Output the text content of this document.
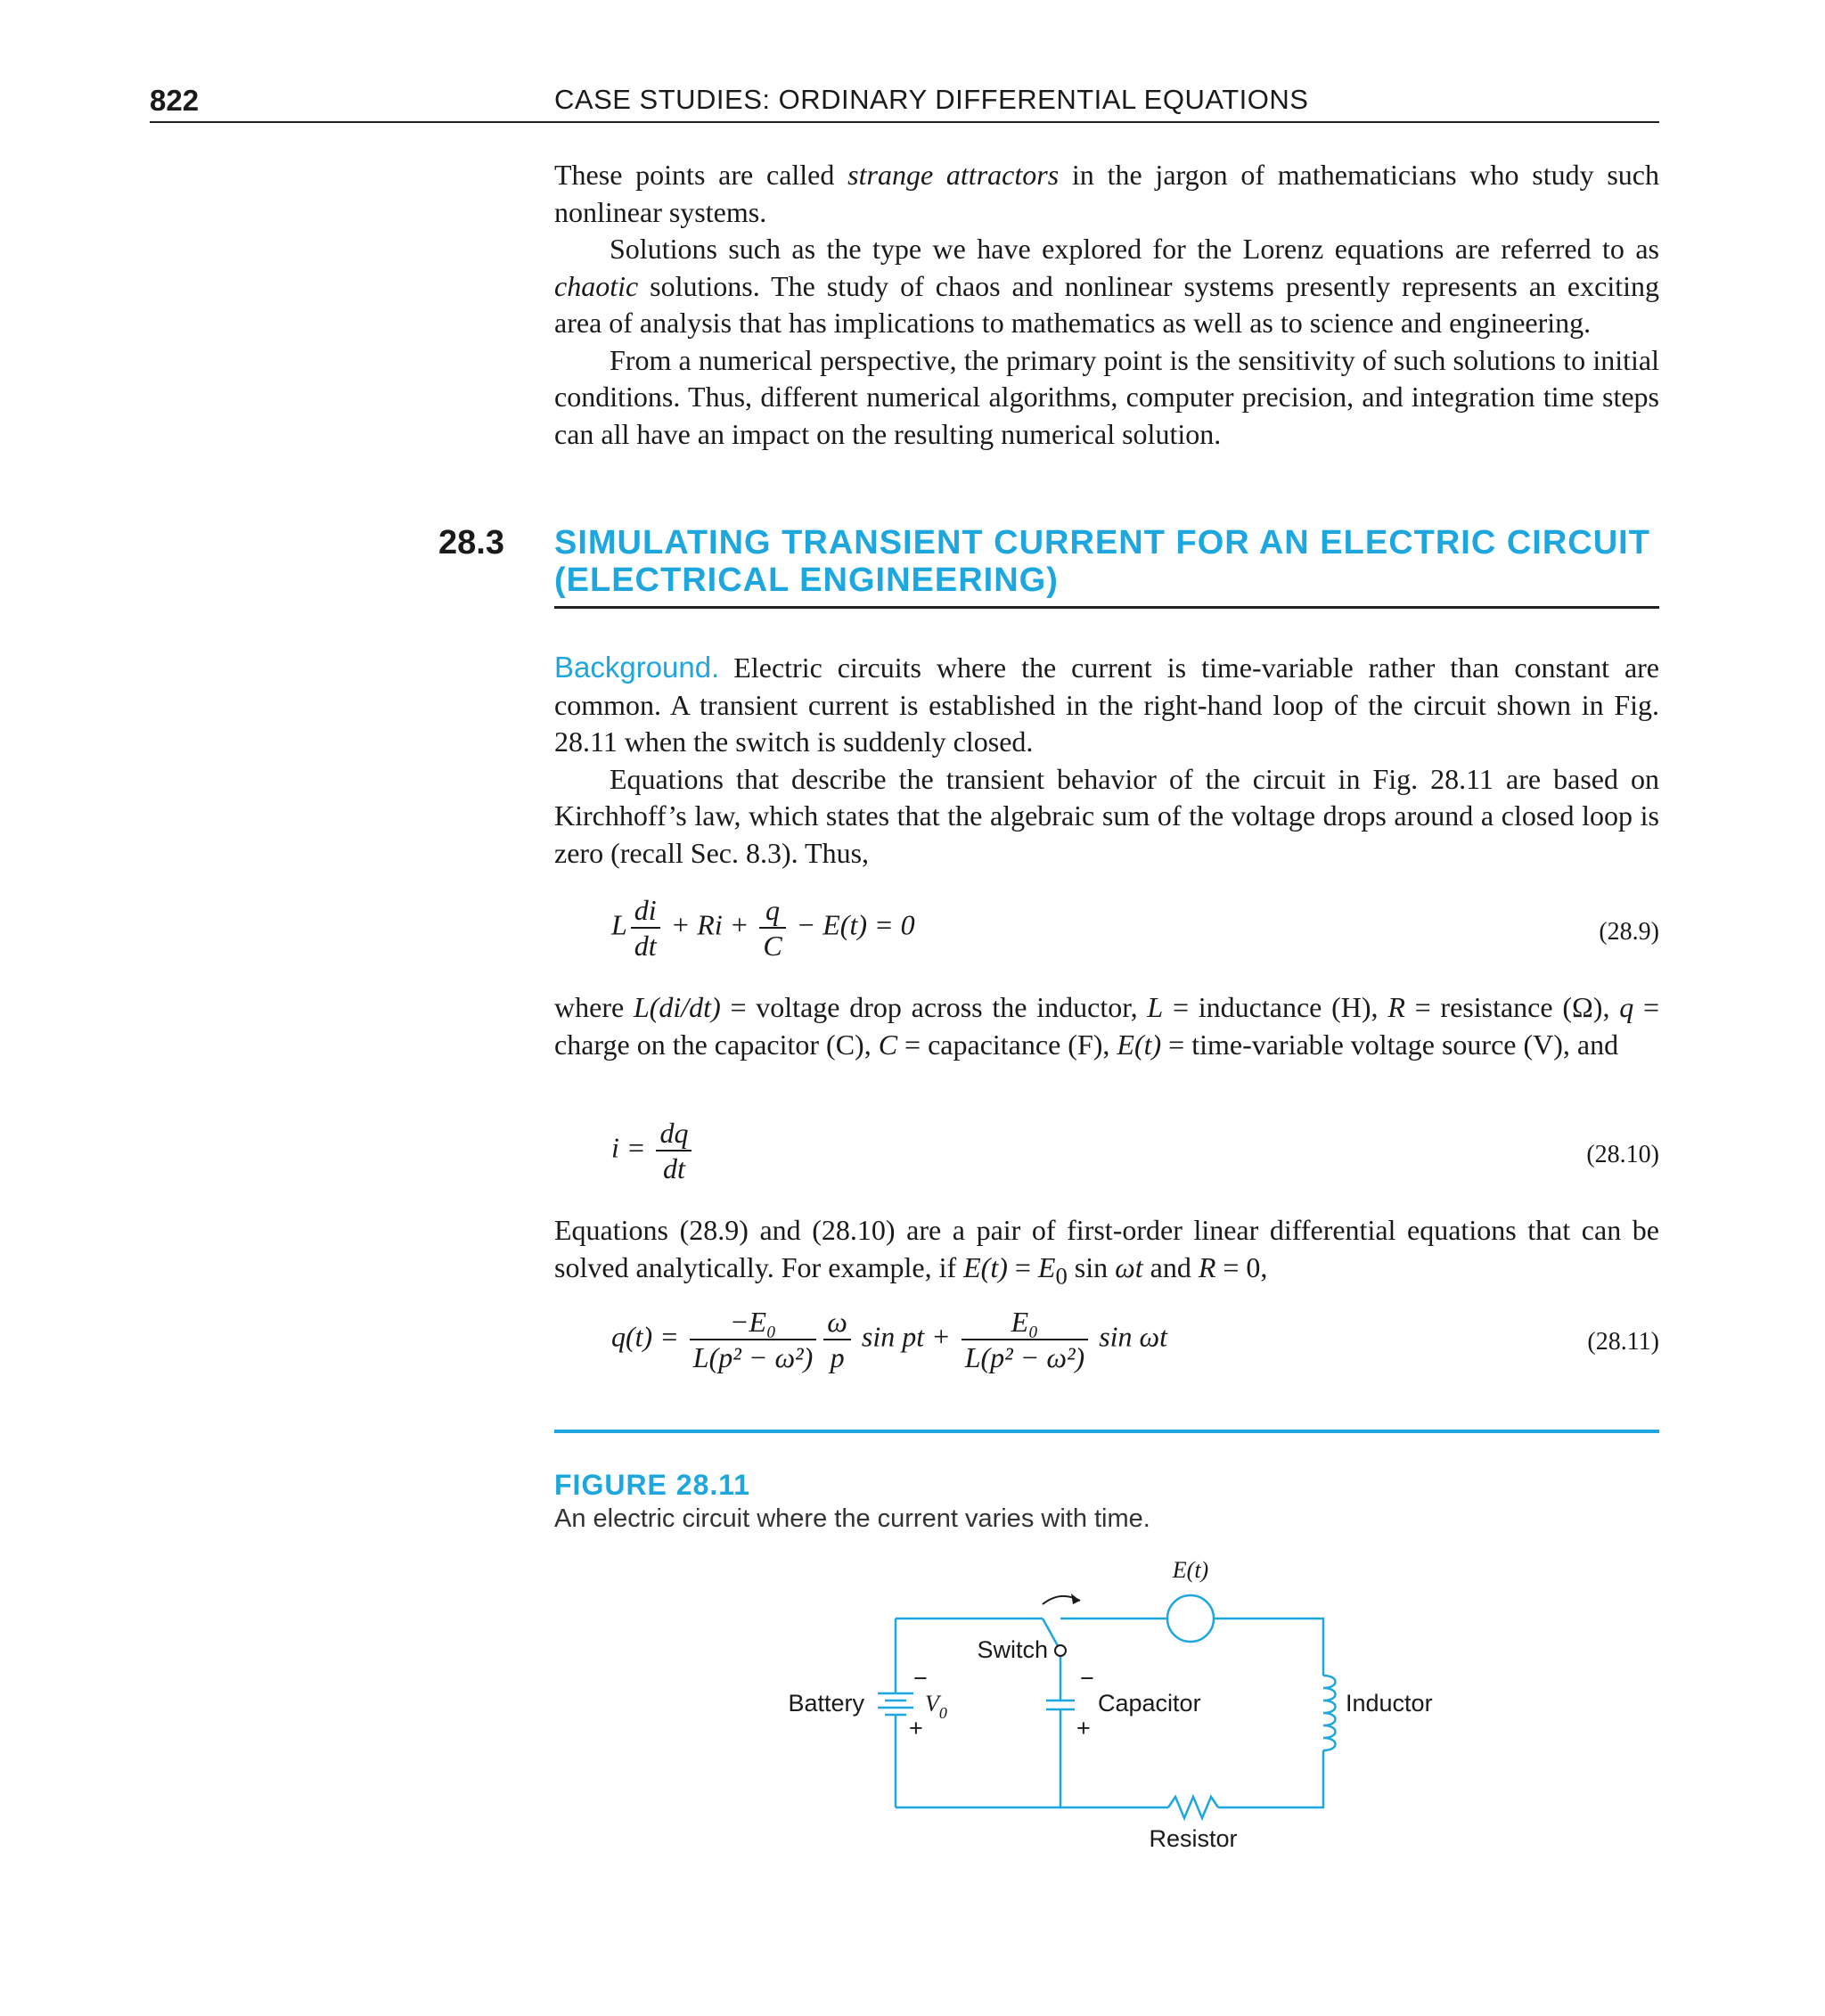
822	CASE STUDIES: ORDINARY DIFFERENTIAL EQUATIONS

These points are called strange attractors in the jargon of mathematicians who study such nonlinear systems.

Solutions such as the type we have explored for the Lorenz equations are referred to as chaotic solutions. The study of chaos and nonlinear systems presently represents an exciting area of analysis that has implications to mathematics as well as to science and engineering.

From a numerical perspective, the primary point is the sensitivity of such solutions to initial conditions. Thus, different numerical algorithms, computer precision, and integration time steps can all have an impact on the resulting numerical solution.

28.3 SIMULATING TRANSIENT CURRENT FOR AN ELECTRIC CIRCUIT (ELECTRICAL ENGINEERING)

Background. Electric circuits where the current is time-variable rather than constant are common. A transient current is established in the right-hand loop of the circuit shown in Fig. 28.11 when the switch is suddenly closed.

Equations that describe the transient behavior of the circuit in Fig. 28.11 are based on Kirchhoff’s law, which states that the algebraic sum of the voltage drops around a closed loop is zero (recall Sec. 8.3). Thus,

L $\frac{di}{dt} + Ri + \frac{q}{C} - E(t) = 0$	(28.9)

where L(di/dt) = voltage drop across the inductor, L = inductance (H), R = resistance (Ω), q = charge on the capacitor (C), C = capacitance (F), E(t) = time-variable voltage source (V), and

$i = \frac{dq}{dt}$	(28.10)

Equations (28.9) and (28.10) are a pair of first-order linear differential equations that can be solved analytically. For example, if $E(t) = E_0$ sin ωt and R = 0,

$q(t) = \frac{\text{−E₀}}{\text{L(p² − ω²)}} \frac{\omega}{p}$ sin pt + $\frac{\text{E₀}}{\text{L(p² − ω²)}}$ sin ωt	(28.11)
FIGURE 28.11
An electric circuit where the current varies with time.
E(t)
Switch
Battery	$V_0$
−
+
−
+
Capacitor	Inductor
Resistor
